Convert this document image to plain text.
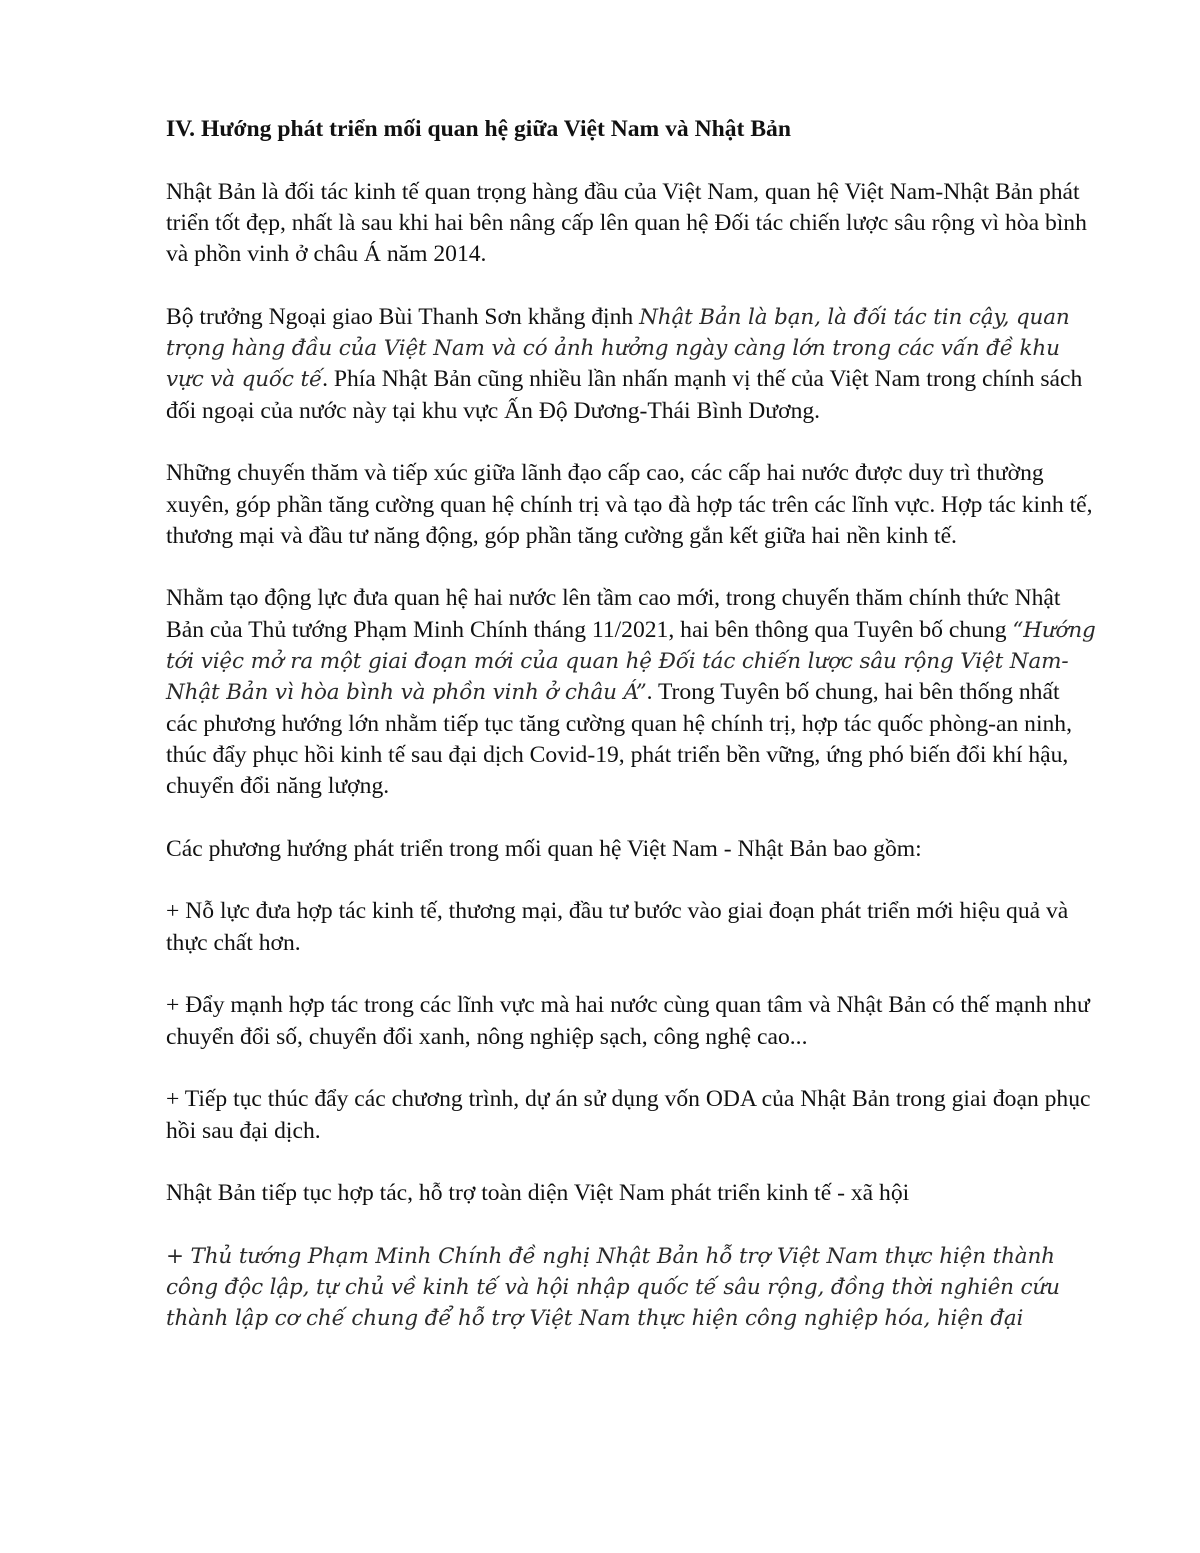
IV. Hướng phát triển mối quan hệ giữa Việt Nam và Nhật Bản

Nhật Bản là đối tác kinh tế quan trọng hàng đầu của Việt Nam, quan hệ Việt Nam-Nhật Bản phát triển tốt đẹp, nhất là sau khi hai bên nâng cấp lên quan hệ Đối tác chiến lược sâu rộng vì hòa bình và phồn vinh ở châu Á năm 2014.

Bộ trưởng Ngoại giao Bùi Thanh Sơn khẳng định Nhật Bản là bạn, là đối tác tin cậy, quan trọng hàng đầu của Việt Nam và có ảnh hưởng ngày càng lớn trong các vấn đề khu vực và quốc tế. Phía Nhật Bản cũng nhiều lần nhấn mạnh vị thế của Việt Nam trong chính sách đối ngoại của nước này tại khu vực Ấn Độ Dương-Thái Bình Dương.

Những chuyến thăm và tiếp xúc giữa lãnh đạo cấp cao, các cấp hai nước được duy trì thường xuyên, góp phần tăng cường quan hệ chính trị và tạo đà hợp tác trên các lĩnh vực. Hợp tác kinh tế, thương mại và đầu tư năng động, góp phần tăng cường gắn kết giữa hai nền kinh tế.

Nhằm tạo động lực đưa quan hệ hai nước lên tầm cao mới, trong chuyến thăm chính thức Nhật Bản của Thủ tướng Phạm Minh Chính tháng 11/2021, hai bên thông qua Tuyên bố chung “Hướng tới việc mở ra một giai đoạn mới của quan hệ Đối tác chiến lược sâu rộng Việt Nam-Nhật Bản vì hòa bình và phồn vinh ở châu Á”. Trong Tuyên bố chung, hai bên thống nhất các phương hướng lớn nhằm tiếp tục tăng cường quan hệ chính trị, hợp tác quốc phòng-an ninh, thúc đẩy phục hồi kinh tế sau đại dịch Covid-19, phát triển bền vững, ứng phó biến đổi khí hậu, chuyển đổi năng lượng.

Các phương hướng phát triển trong mối quan hệ Việt Nam - Nhật Bản bao gồm:

+ Nỗ lực đưa hợp tác kinh tế, thương mại, đầu tư bước vào giai đoạn phát triển mới hiệu quả và thực chất hơn.

+ Đẩy mạnh hợp tác trong các lĩnh vực mà hai nước cùng quan tâm và Nhật Bản có thế mạnh như chuyển đổi số, chuyển đổi xanh, nông nghiệp sạch, công nghệ cao...

+ Tiếp tục thúc đẩy các chương trình, dự án sử dụng vốn ODA của Nhật Bản trong giai đoạn phục hồi sau đại dịch.

Nhật Bản tiếp tục hợp tác, hỗ trợ toàn diện Việt Nam phát triển kinh tế - xã hội

+ Thủ tướng Phạm Minh Chính đề nghị Nhật Bản hỗ trợ Việt Nam thực hiện thành công độc lập, tự chủ về kinh tế và hội nhập quốc tế sâu rộng, đồng thời nghiên cứu thành lập cơ chế chung để hỗ trợ Việt Nam thực hiện công nghiệp hóa, hiện đại
